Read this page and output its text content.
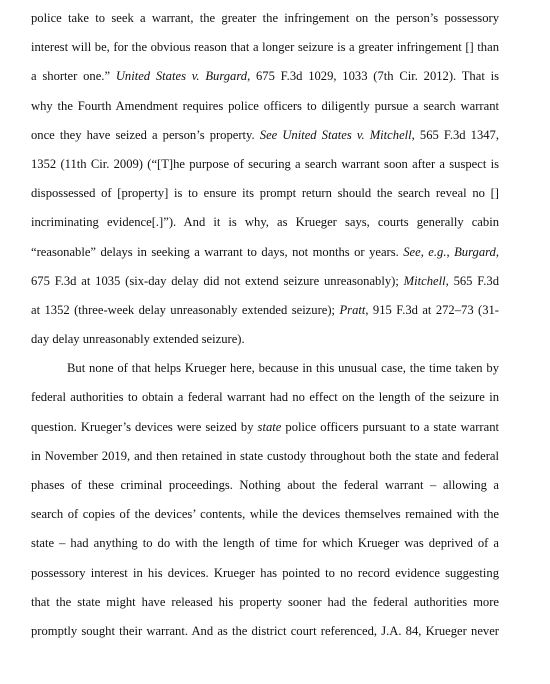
police take to seek a warrant, the greater the infringement on the person’s possessory
interest will be, for the obvious reason that a longer seizure is a greater infringement [] than
a shorter one.” United States v. Burgard, 675 F.3d 1029, 1033 (7th Cir. 2012). That is
why the Fourth Amendment requires police officers to diligently pursue a search warrant
once they have seized a person’s property. See United States v. Mitchell, 565 F.3d 1347,
1352 (11th Cir. 2009) (“[T]he purpose of securing a search warrant soon after a suspect is
dispossessed of [property] is to ensure its prompt return should the search reveal no []
incriminating evidence[.]”). And it is why, as Krueger says, courts generally cabin
“reasonable” delays in seeking a warrant to days, not months or years. See, e.g., Burgard,
675 F.3d at 1035 (six-day delay did not extend seizure unreasonably); Mitchell, 565 F.3d
at 1352 (three-week delay unreasonably extended seizure); Pratt, 915 F.3d at 272–73 (31-
day delay unreasonably extended seizure).
But none of that helps Krueger here, because in this unusual case, the time taken by
federal authorities to obtain a federal warrant had no effect on the length of the seizure in
question. Krueger’s devices were seized by state police officers pursuant to a state warrant
in November 2019, and then retained in state custody throughout both the state and federal
phases of these criminal proceedings. Nothing about the federal warrant – allowing a
search of copies of the devices’ contents, while the devices themselves remained with the
state – had anything to do with the length of time for which Krueger was deprived of a
possessory interest in his devices. Krueger has pointed to no record evidence suggesting
that the state might have released his property sooner had the federal authorities more
promptly sought their warrant. And as the district court referenced, J.A. 84, Krueger never
